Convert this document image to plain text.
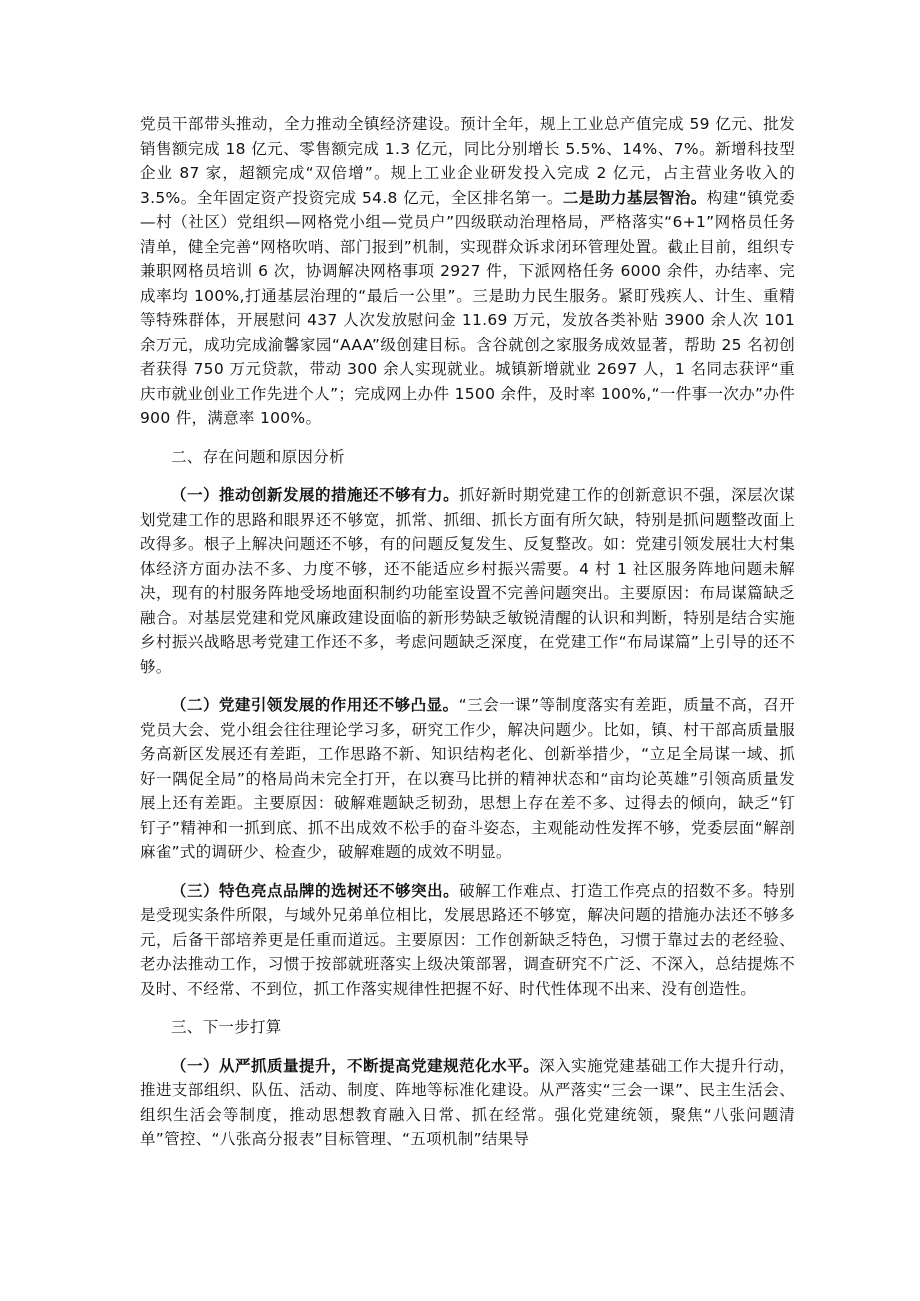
党员干部带头推动，全力推动全镇经济建设。预计全年，规上工业总产值完成 59 亿元、批发销售额完成 18 亿元、零售额完成 1.3 亿元，同比分别增长 5.5%、14%、7%。新增科技型企业 87 家，超额完成“双倍增”。规上工业企业研发投入完成 2 亿元，占主营业务收入的 3.5%。全年固定资产投资完成 54.8 亿元，全区排名第一。二是助力基层智治。构建“镇党委—村（社区）党组织—网格党小组—党员户”四级联动治理格局，严格落实“6+1”网格员任务清单，健全完善“网格吹哨、部门报到”机制，实现群众诉求闭环管理处置。截止目前，组织专兼职网格员培训 6 次，协调解决网格事项 2927 件，下派网格任务 6000 余件，办结率、完成率均 100%,打通基层治理的“最后一公里”。三是助力民生服务。紧盯残疾人、计生、重精等特殊群体，开展慰问 437 人次发放慰问金 11.69 万元，发放各类补贴 3900 余人次 101 余万元，成功完成渝馨家园“AAA”级创建目标。含谷就创之家服务成效显著，帮助 25 名初创者获得 750 万元贷款，带动 300 余人实现就业。城镇新增就业 2697 人，1 名同志获评“重庆市就业创业工作先进个人”；完成网上办件 1500 余件，及时率 100%,“一件事一次办”办件 900 件，满意率 100%。

二、存在问题和原因分析

（一）推动创新发展的措施还不够有力。抓好新时期党建工作的创新意识不强，深层次谋划党建工作的思路和眼界还不够宽，抓常、抓细、抓长方面有所欠缺，特别是抓问题整改面上改得多。根子上解决问题还不够，有的问题反复发生、反复整改。如：党建引领发展壮大村集体经济方面办法不多、力度不够，还不能适应乡村振兴需要。4 村 1 社区服务阵地问题未解决，现有的村服务阵地受场地面积制约功能室设置不完善问题突出。主要原因：布局谋篇缺乏融合。对基层党建和党风廉政建设面临的新形势缺乏敏锐清醒的认识和判断，特别是结合实施乡村振兴战略思考党建工作还不多，考虑问题缺乏深度，在党建工作“布局谋篇”上引导的还不够。

（二）党建引领发展的作用还不够凸显。“三会一课”等制度落实有差距，质量不高，召开党员大会、党小组会往往理论学习多，研究工作少，解决问题少。比如，镇、村干部高质量服务高新区发展还有差距，工作思路不新、知识结构老化、创新举措少，“立足全局谋一域、抓好一隅促全局”的格局尚未完全打开，在以赛马比拼的精神状态和“亩均论英雄”引领高质量发展上还有差距。主要原因：破解难题缺乏韧劲，思想上存在差不多、过得去的倾向，缺乏“钉钉子”精神和一抓到底、抓不出成效不松手的奋斗姿态，主观能动性发挥不够，党委层面“解剖麻雀”式的调研少、检查少，破解难题的成效不明显。

（三）特色亮点品牌的选树还不够突出。破解工作难点、打造工作亮点的招数不多。特别是受现实条件所限，与域外兄弟单位相比，发展思路还不够宽，解决问题的措施办法还不够多元，后备干部培养更是任重而道远。主要原因：工作创新缺乏特色，习惯于靠过去的老经验、老办法推动工作，习惯于按部就班落实上级决策部署，调查研究不广泛、不深入，总结提炼不及时、不经常、不到位，抓工作落实规律性把握不好、时代性体现不出来、没有创造性。

三、下一步打算

（一）从严抓质量提升，不断提高党建规范化水平。深入实施党建基础工作大提升行动，推进支部组织、队伍、活动、制度、阵地等标准化建设。从严落实“三会一课”、民主生活会、组织生活会等制度，推动思想教育融入日常、抓在经常。强化党建统领，聚焦“八张问题清单”管控、“八张高分报表”目标管理、“五项机制”结果导
